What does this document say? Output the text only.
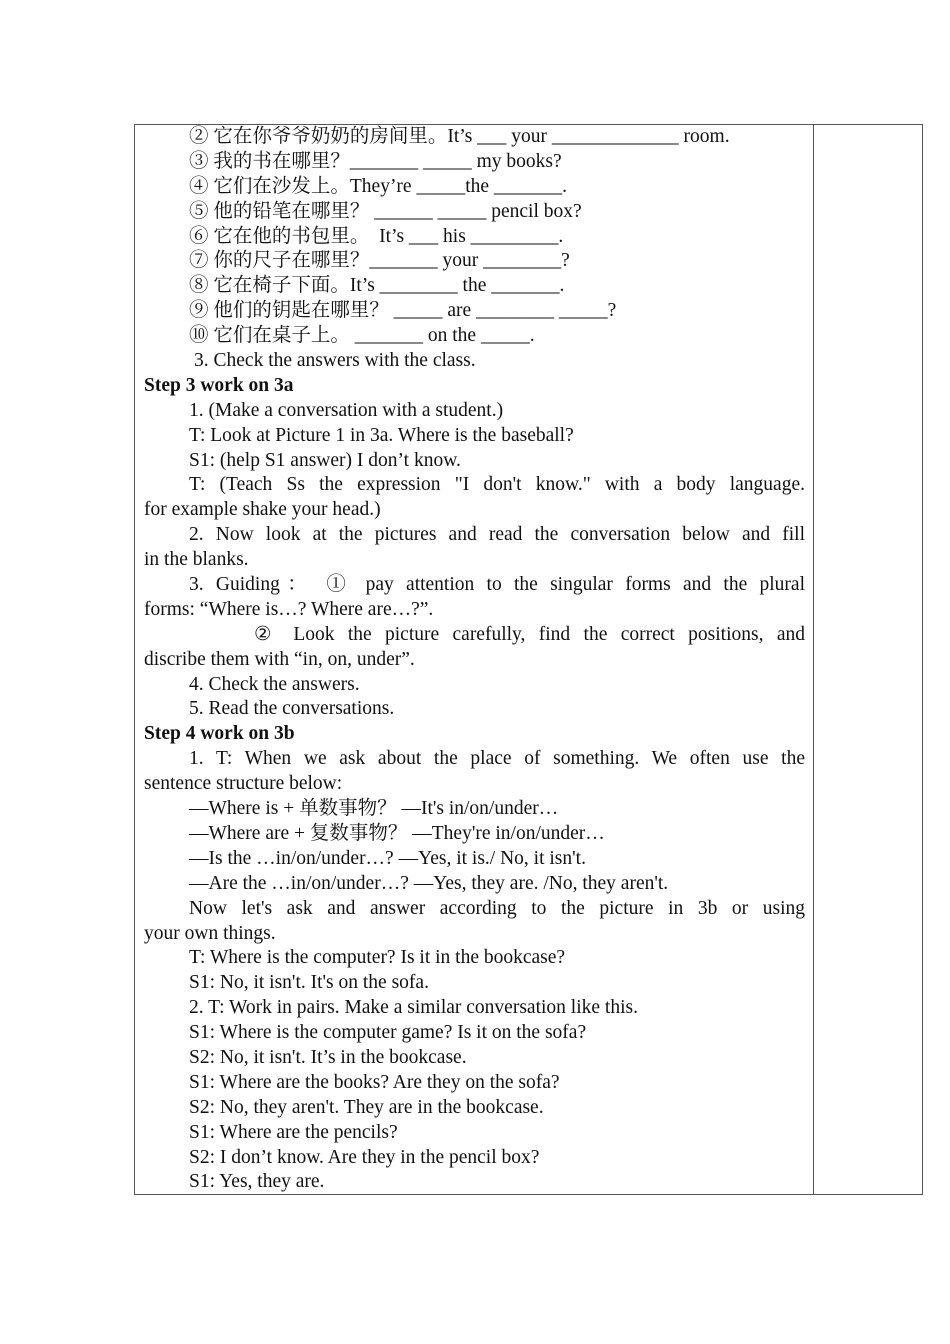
② 它在你爷爷奶奶的房间里。It’s ___ your _____________ room.
③ 我的书在哪里？_______ _____ my books?
④ 它们在沙发上。They’re _____the _______.
⑤ 他的铅笔在哪里？ ______ _____ pencil box?
⑥ 它在他的书包里。　It’s ___ his _________.
⑦ 你的尺子在哪里？_______ your ________?
⑧ 它在椅子下面。It’s ________ the _______.
⑨ 他们的钥匙在哪里？ _____ are ________ _____?
⑩ 它们在桌子上。 _______ on the _____.
3. Check the answers with the class.
Step 3 work on 3a
1. (Make a conversation with a student.)
T: Look at Picture 1 in 3a. Where is the baseball?
S1: (help S1 answer) I don’t know.
T: (Teach Ss the expression "I don't know." with a body language.
for example shake your head.)
2. Now look at the pictures and read the conversation below and fill
in the blanks.
3. Guiding： ① pay attention to the singular forms and the plural
forms: “Where is…? Where are…?”.
② Look the picture carefully, find the correct positions, and
discribe them with “in, on, under”.
4. Check the answers.
5. Read the conversations.
Step 4 work on 3b
1. T: When we ask about the place of something. We often use the
sentence structure below:
—Where is + 单数事物？ —It's in/on/under…
—Where are + 复数事物？ —They're in/on/under…
—Is the …in/on/under…? —Yes, it is./ No, it isn't.
—Are the …in/on/under…? —Yes, they are. /No, they aren't.
Now let's ask and answer according to the picture in 3b or using
your own things.
T: Where is the computer? Is it in the bookcase?
S1: No, it isn't. It's on the sofa.
2. T: Work in pairs. Make a similar conversation like this.
S1: Where is the computer game? Is it on the sofa?
S2: No, it isn't. It’s in the bookcase.
S1: Where are the books? Are they on the sofa?
S2: No, they aren't. They are in the bookcase.
S1: Where are the pencils?
S2: I don’t know. Are they in the pencil box?
S1: Yes, they are.
